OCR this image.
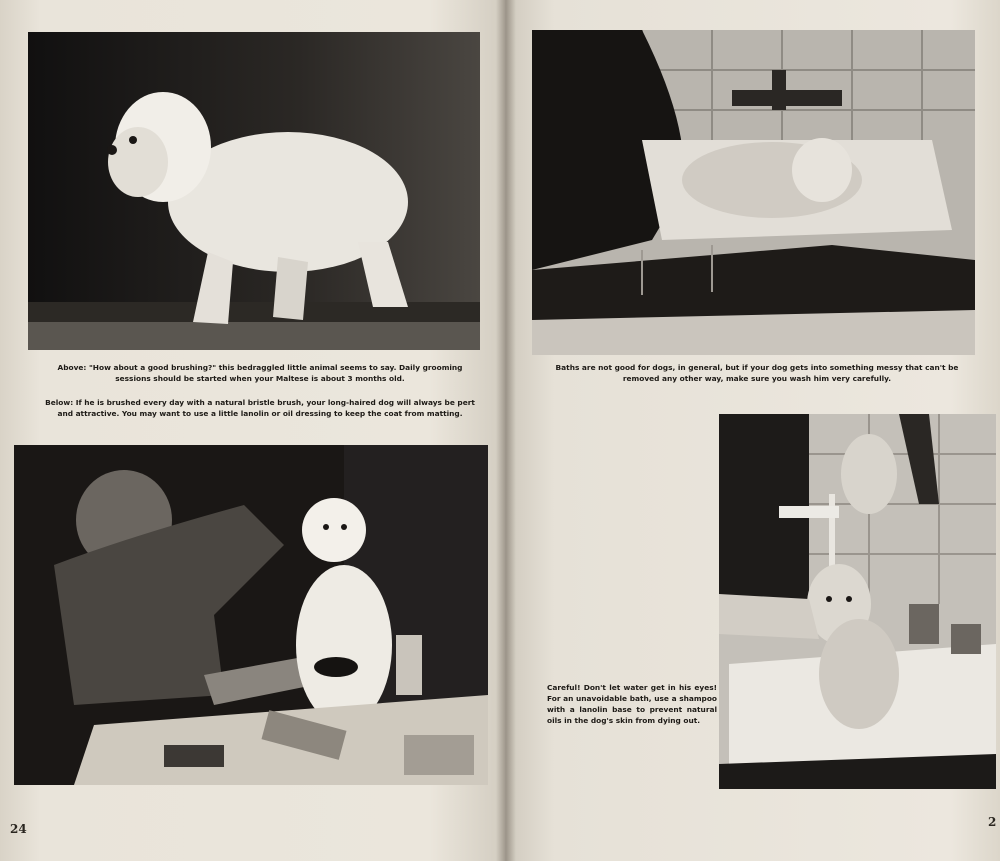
Above: "How about a good brushing?" this bedraggled little animal seems to say. Daily grooming sessions should be started when your Maltese is about 3 months old.

Below: If he is brushed every day with a natural bristle brush, your long-haired dog will always be pert and attractive. You may want to use a little lanolin or oil dressing to keep the coat from matting.

24

Baths are not good for dogs, in general, but if your dog gets into something messy that can't be removed any other way, make sure you wash him very carefully.

Careful! Don't let water get in his eyes! For an unavoidable bath, use a shampoo with a lanolin base to prevent natural oils in the dog's skin from dying out.

2
